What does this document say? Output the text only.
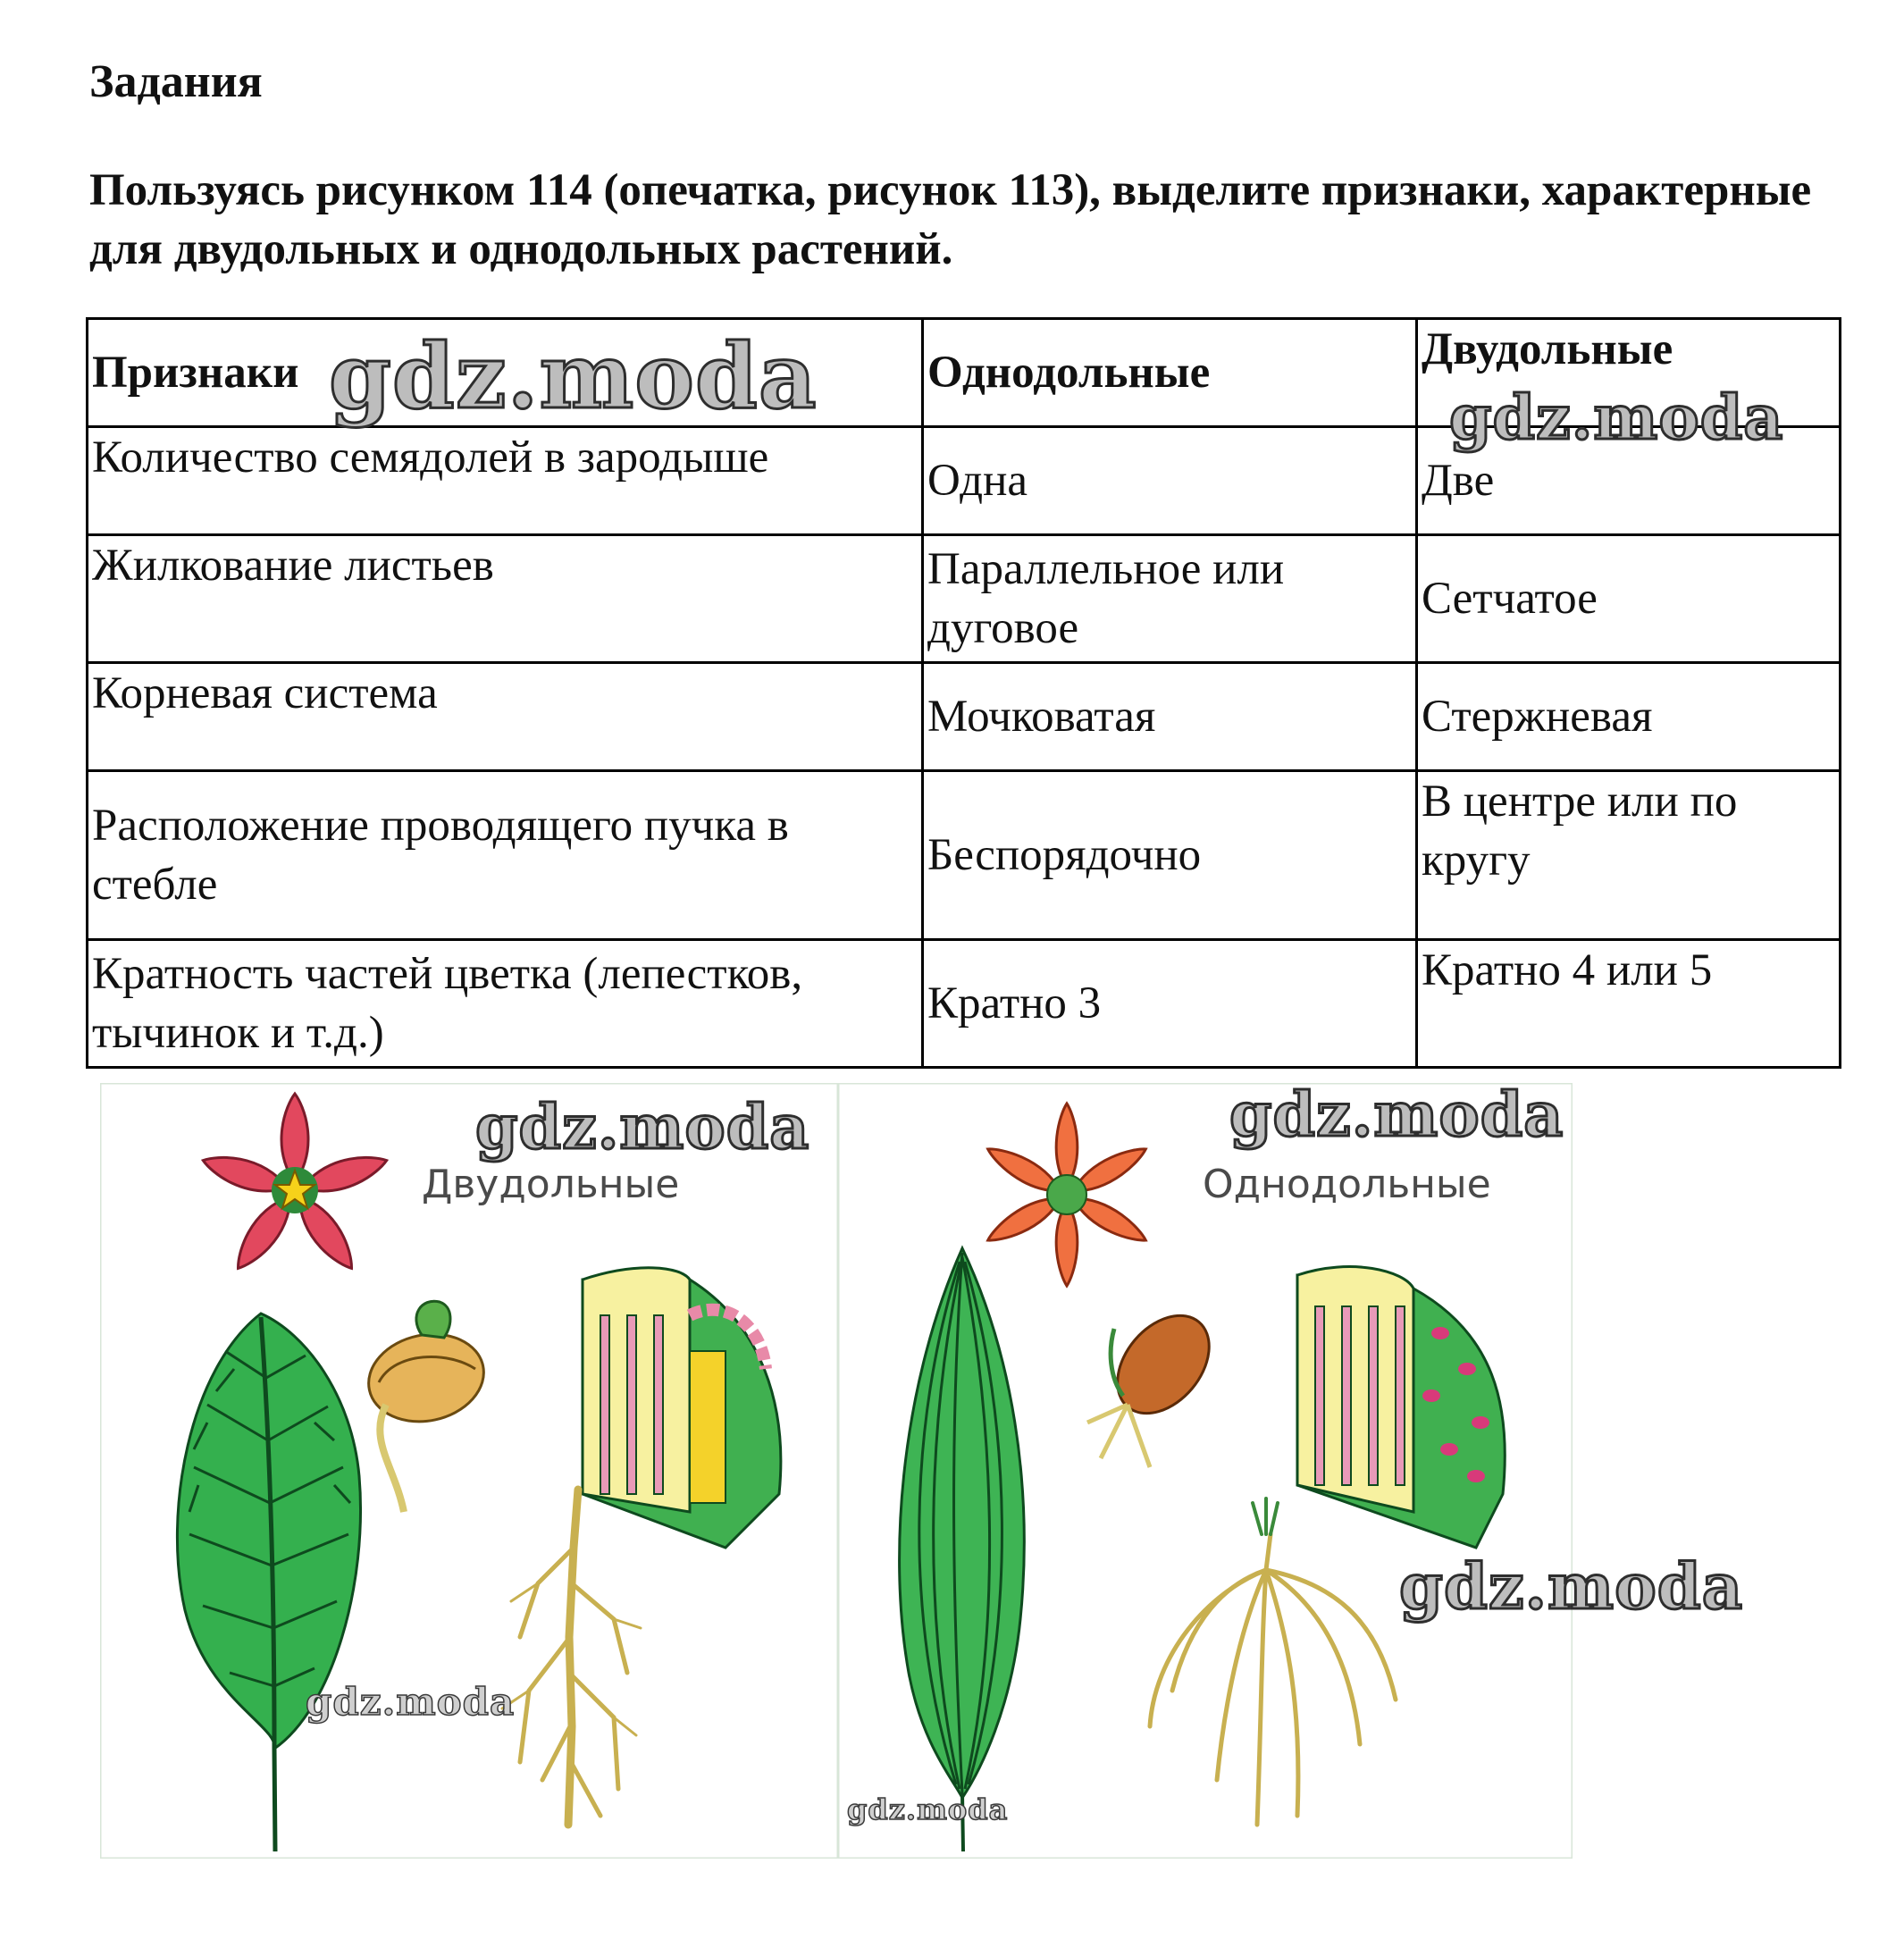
Задания
Пользуясь рисунком 114 (опечатка, рисунок 113), выделите признаки, характерные для двудольных и однодольных растений.
Признаки	Однодольные	Двудольные
Количество семядолей в зародыше	Одна	Две
Жилкование листьев	Параллельное или дуговое	Сетчатое
Корневая система	Мочковатая	Стержневая
Расположение проводящего пучка в стебле	Беспорядочно	В центре или по кругу
Кратность частей цветка (лепестков, тычинок и т.д.)	Кратно 3	Кратно 4 или 5
Двудольные	Однодольные
gdz.moda	gdz.moda
gdz.moda	gdz.moda
gdz.moda
gdz.moda
gdz.moda
